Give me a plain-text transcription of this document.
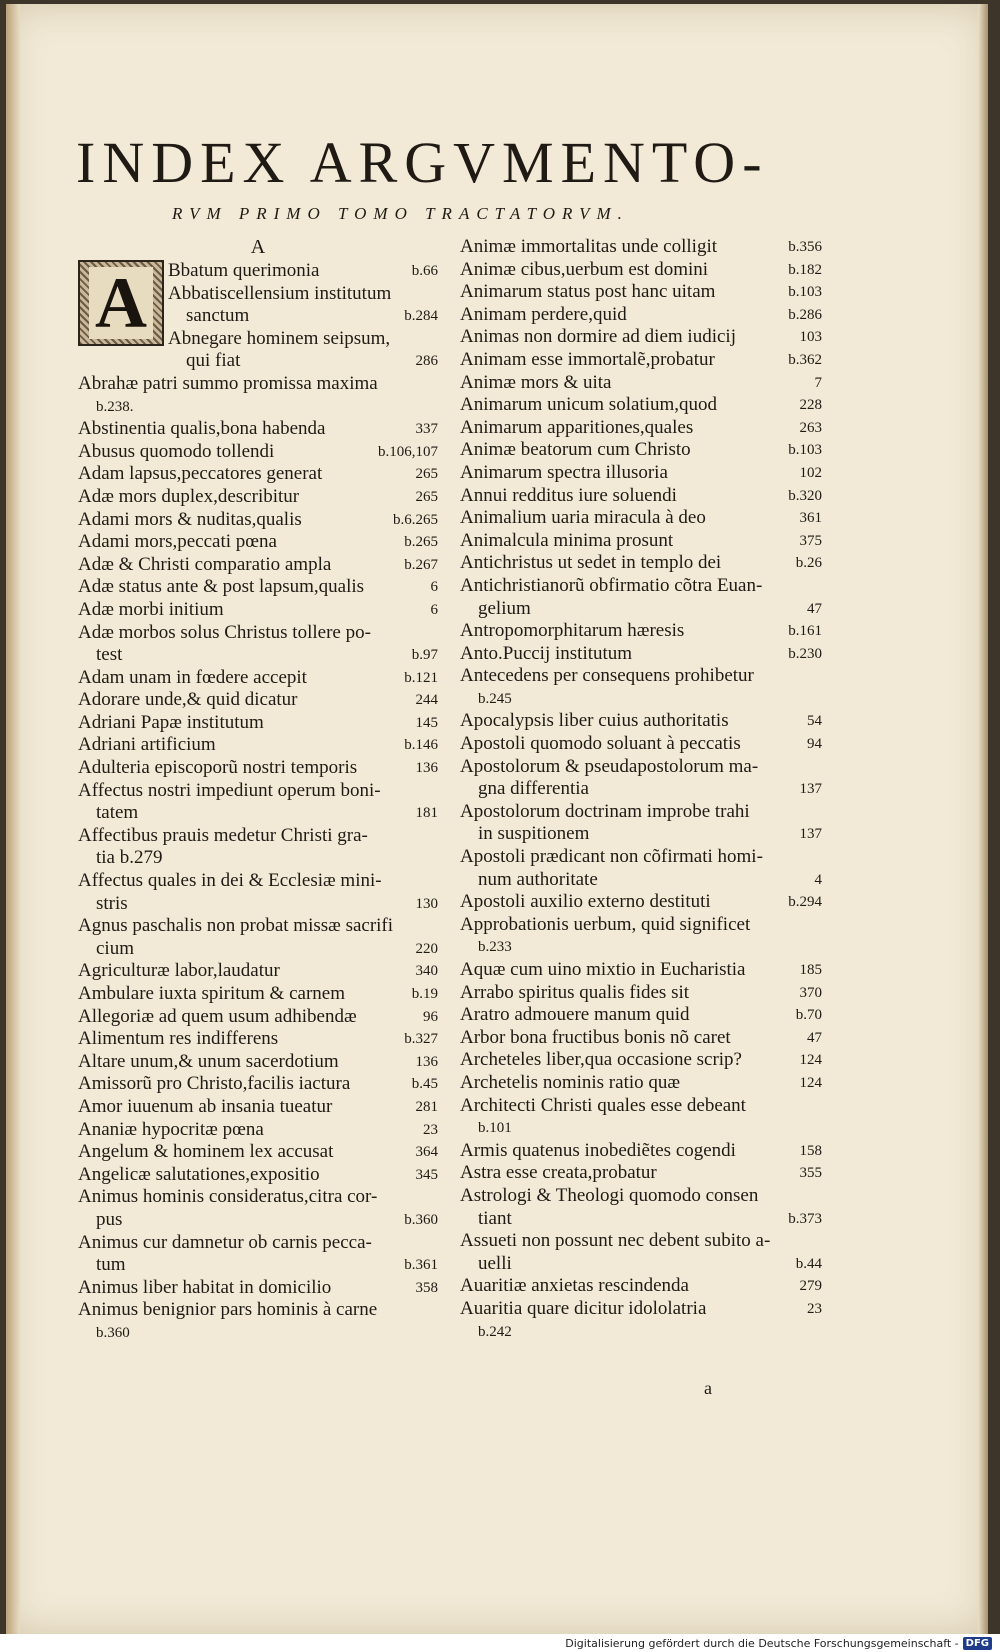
INDEX ARGVMENTO-
RVM PRIMO TOMO TRACTATORVM.
A
A	Bbatum querimonia	b.66
Abbatiscellensium institutum
sanctum	b.284
Abnegare hominem seipsum,
qui fiat	286
Abrahæ patri summo promissa maxima
b.238.
Abstinentia qualis,bona habenda	337
Abusus quomodo tollendi	b.106,107
Adam lapsus,peccatores generat	265
Adæ mors duplex,describitur	265
Adami mors & nuditas,qualis	b.6.265
Adami mors,peccati pœna	b.265
Adæ & Christi comparatio ampla	b.267
Adæ status ante & post lapsum,qualis	6
Adæ morbi initium	6
Adæ morbos solus Christus tollere po-
test	b.97
Adam unam in fœdere accepit	b.121
Adorare unde,& quid dicatur	244
Adriani Papæ institutum	145
Adriani artificium	b.146
Adulteria episcoporũ nostri temporis	136
Affectus nostri impediunt operum boni-
tatem	181
Affectibus prauis medetur Christi gra-
tia b.279
Affectus quales in dei & Ecclesiæ mini-
stris	130
Agnus paschalis non probat missæ sacrifi
cium	220
Agriculturæ labor,laudatur	340
Ambulare iuxta spiritum & carnem	b.19
Allegoriæ ad quem usum adhibendæ	96
Alimentum res indifferens	b.327
Altare unum,& unum sacerdotium	136
Amissorũ pro Christo,facilis iactura	b.45
Amor iuuenum ab insania tueatur	281
Ananiæ hypocritæ pœna	23
Angelum & hominem lex accusat	364
Angelicæ salutationes,expositio	345
Animus hominis consideratus,citra cor-
pus	b.360
Animus cur damnetur ob carnis pecca-
tum	b.361
Animus liber habitat in domicilio	358
Animus benignior pars hominis à carne
b.360
Animæ immortalitas unde colligit	b.356
Animæ cibus,uerbum est domini	b.182
Animarum status post hanc uitam	b.103
Animam perdere,quid	b.286
Animas non dormire ad diem iudicij	103
Animam esse immortalẽ,probatur	b.362
Animæ mors & uita	7
Animarum unicum solatium,quod	228
Animarum apparitiones,quales	263
Animæ beatorum cum Christo	b.103
Animarum spectra illusoria	102
Annui redditus iure soluendi	b.320
Animalium uaria miracula à deo	361
Animalcula minima prosunt	375
Antichristus ut sedet in templo dei	b.26
Antichristianorũ obfirmatio cõtra Euan-
gelium	47
Antropomorphitarum hæresis	b.161
Anto.Puccij institutum	b.230
Antecedens per consequens prohibetur
b.245
Apocalypsis liber cuius authoritatis	54
Apostoli quomodo soluant à peccatis	94
Apostolorum & pseudapostolorum ma-
gna differentia	137
Apostolorum doctrinam improbe trahi
in suspitionem	137
Apostoli prædicant non cõfirmati homi-
num authoritate	4
Apostoli auxilio externo destituti	b.294
Approbationis uerbum, quid significet
b.233
Aquæ cum uino mixtio in Eucharistia	185
Arrabo spiritus qualis fides sit	370
Aratro admouere manum quid	b.70
Arbor bona fructibus bonis nõ caret	47
Archeteles liber,qua occasione scrip?	124
Archetelis nominis ratio quæ	124
Architecti Christi quales esse debeant
b.101
Armis quatenus inobediẽtes cogendi	158
Astra esse creata,probatur	355
Astrologi & Theologi quomodo consen
tiant	b.373
Assueti non possunt nec debent subito a-
uelli	b.44
Auaritiæ anxietas rescindenda	279
Auaritia quare dicitur idololatria	23
b.242
a
Digitalisierung gefördert durch die Deutsche Forschungsgemeinschaft - DFG
